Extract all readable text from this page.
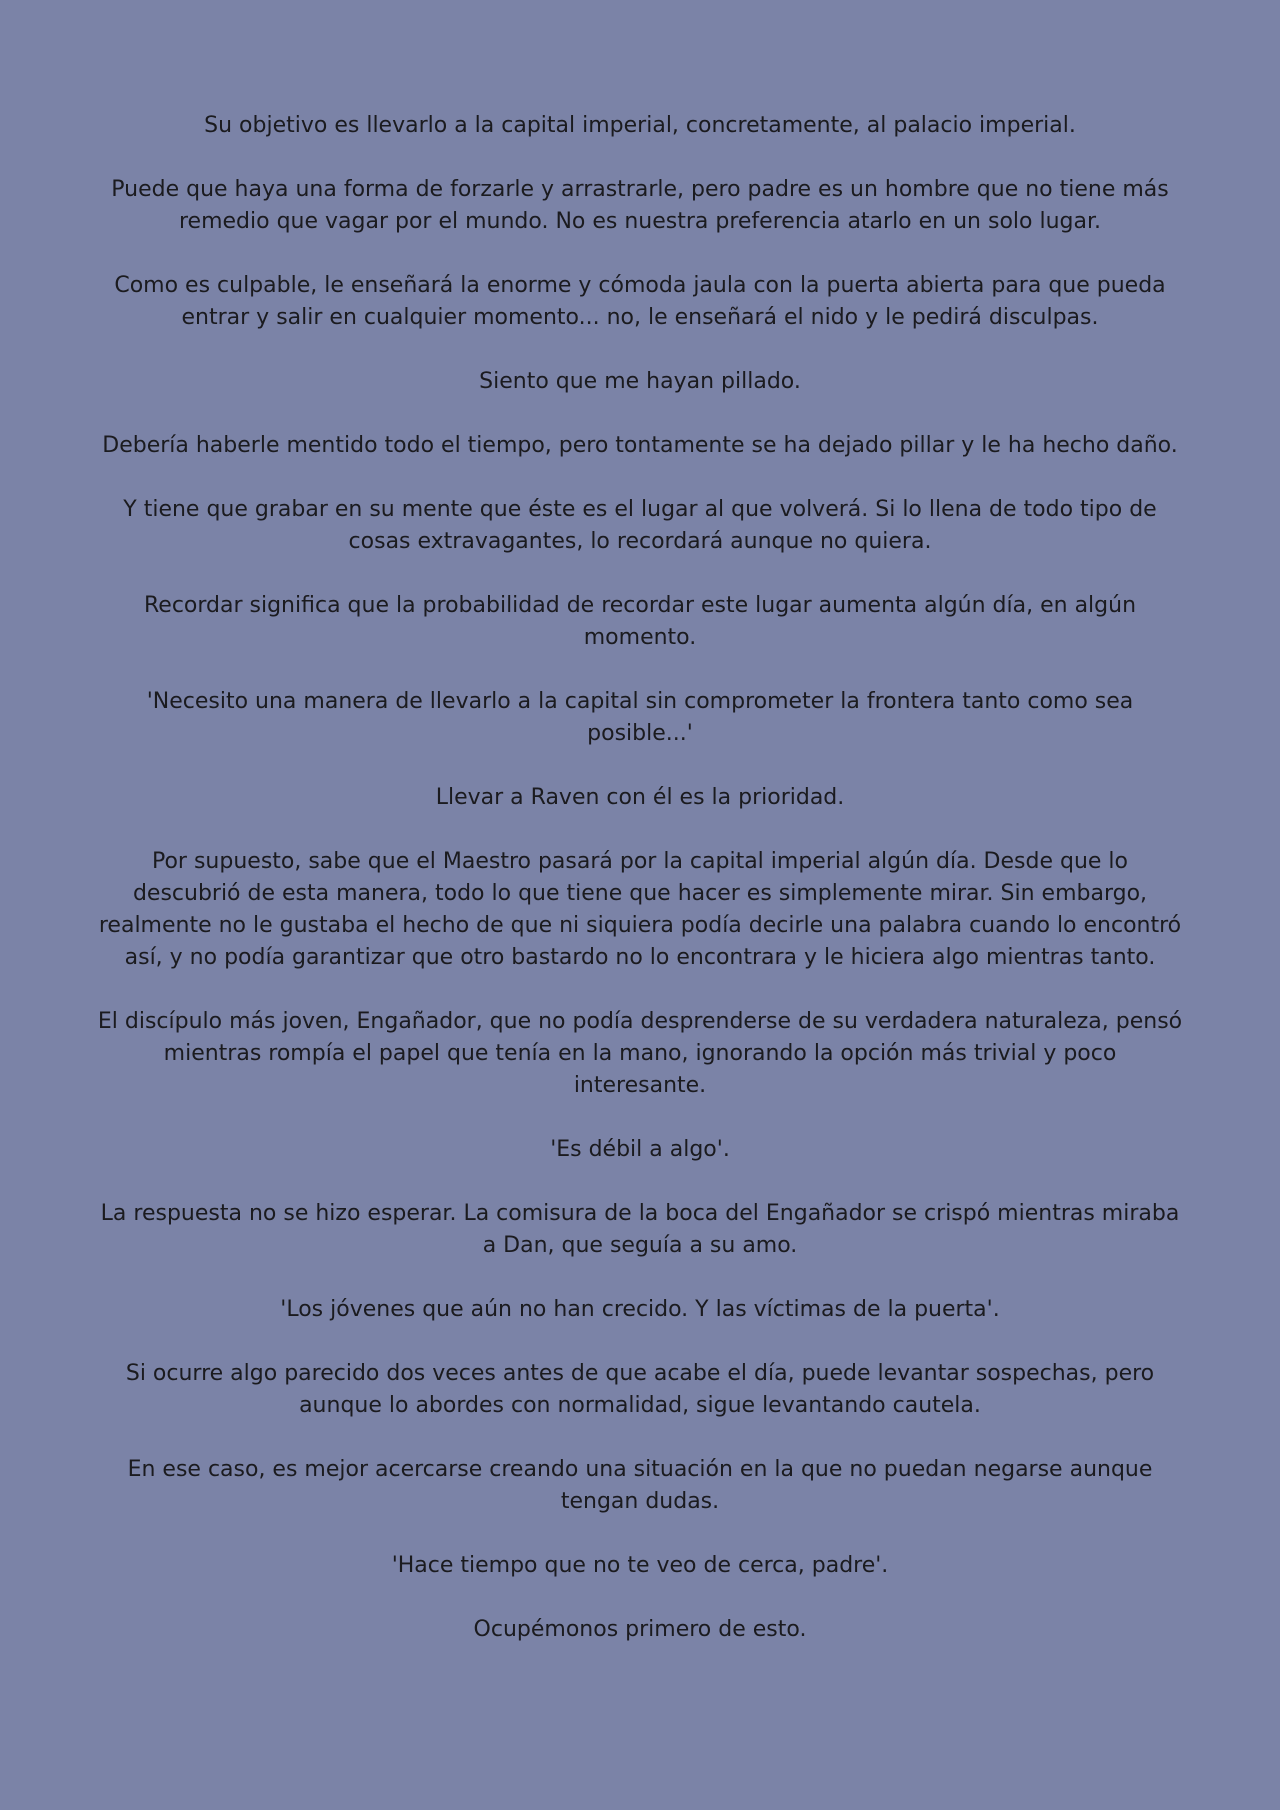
Su objetivo es llevarlo a la capital imperial, concretamente, al palacio imperial.

Puede que haya una forma de forzarle y arrastrarle, pero padre es un hombre que no tiene más remedio que vagar por el mundo. No es nuestra preferencia atarlo en un solo lugar.

Como es culpable, le enseñará la enorme y cómoda jaula con la puerta abierta para que pueda entrar y salir en cualquier momento... no, le enseñará el nido y le pedirá disculpas.

Siento que me hayan pillado.

Debería haberle mentido todo el tiempo, pero tontamente se ha dejado pillar y le ha hecho daño.

Y tiene que grabar en su mente que éste es el lugar al que volverá. Si lo llena de todo tipo de cosas extravagantes, lo recordará aunque no quiera.

Recordar significa que la probabilidad de recordar este lugar aumenta algún día, en algún momento.

'Necesito una manera de llevarlo a la capital sin comprometer la frontera tanto como sea posible...'

Llevar a Raven con él es la prioridad.

Por supuesto, sabe que el Maestro pasará por la capital imperial algún día. Desde que lo descubrió de esta manera, todo lo que tiene que hacer es simplemente mirar. Sin embargo, realmente no le gustaba el hecho de que ni siquiera podía decirle una palabra cuando lo encontró así, y no podía garantizar que otro bastardo no lo encontrara y le hiciera algo mientras tanto.

El discípulo más joven, Engañador, que no podía desprenderse de su verdadera naturaleza, pensó mientras rompía el papel que tenía en la mano, ignorando la opción más trivial y poco interesante.

'Es débil a algo'.

La respuesta no se hizo esperar. La comisura de la boca del Engañador se crispó mientras miraba a Dan, que seguía a su amo.

'Los jóvenes que aún no han crecido. Y las víctimas de la puerta'.

Si ocurre algo parecido dos veces antes de que acabe el día, puede levantar sospechas, pero aunque lo abordes con normalidad, sigue levantando cautela.

En ese caso, es mejor acercarse creando una situación en la que no puedan negarse aunque tengan dudas.

'Hace tiempo que no te veo de cerca, padre'.

Ocupémonos primero de esto.
